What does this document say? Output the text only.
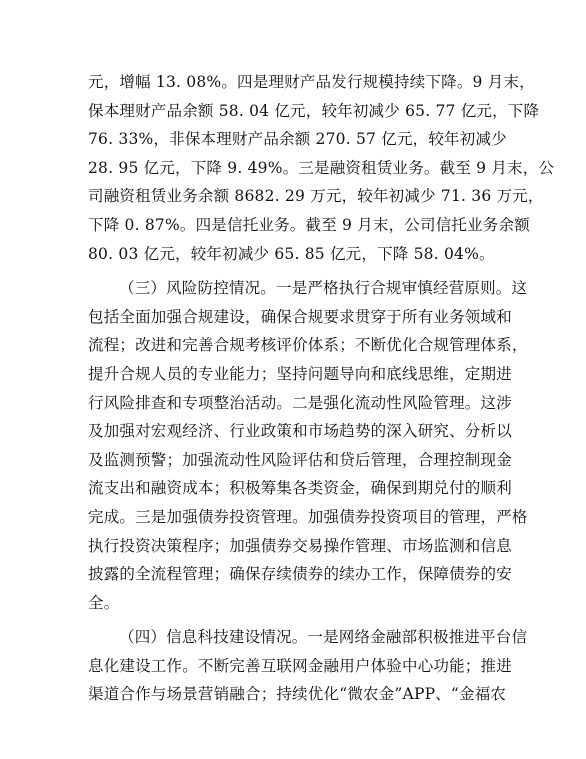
元，增幅 13. 08%。四是理财产品发行规模持续下降。9 月末，
保本理财产品余额 58. 04 亿元，较年初减少 65. 77 亿元，下降
76. 33%，非保本理财产品余额 270. 57 亿元，较年初减少
28. 95 亿元，下降 9. 49%。三是融资租赁业务。截至 9 月末，公
司融资租赁业务余额 8682. 29 万元，较年初减少 71. 36 万元，
下降 0. 87%。四是信托业务。截至 9 月末，公司信托业务余额
80. 03 亿元，较年初减少 65. 85 亿元，下降 58. 04%。
（三）风险防控情况。一是严格执行合规审慎经营原则。这
包括全面加强合规建设，确保合规要求贯穿于所有业务领域和
流程；改进和完善合规考核评价体系；不断优化合规管理体系，
提升合规人员的专业能力；坚持问题导向和底线思维，定期进
行风险排查和专项整治活动。二是强化流动性风险管理。这涉
及加强对宏观经济、行业政策和市场趋势的深入研究、分析以
及监测预警；加强流动性风险评估和贷后管理，合理控制现金
流支出和融资成本；积极筹集各类资金，确保到期兑付的顺利
完成。三是加强债券投资管理。加强债券投资项目的管理，严格
执行投资决策程序；加强债券交易操作管理、市场监测和信息
披露的全流程管理；确保存续债券的续办工作，保障债券的安
全。
（四）信息科技建设情况。一是网络金融部积极推进平台信
息化建设工作。不断完善互联网金融用户体验中心功能；推进
渠道合作与场景营销融合；持续优化“微农金”APP、“金福农
